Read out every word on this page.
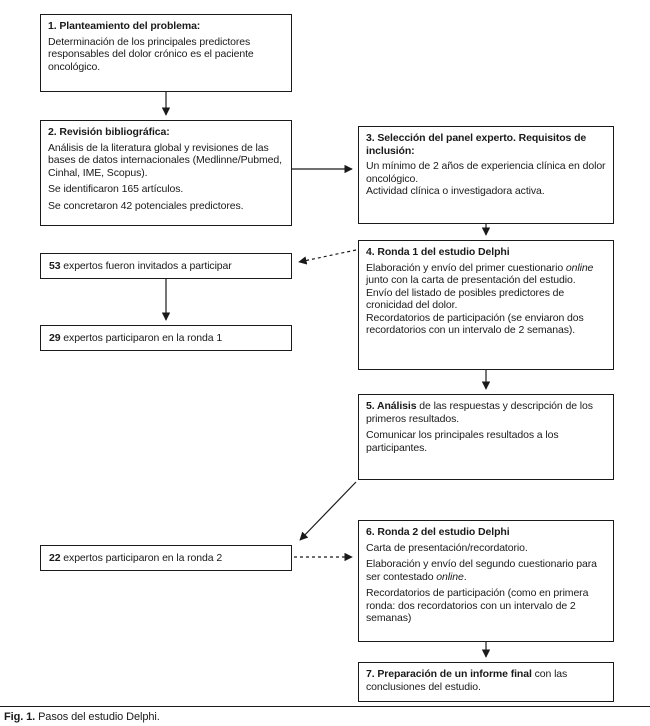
1. Planteamiento del problema:
Determinación de los principales predictores responsables del dolor crónico es el paciente oncológico.
2. Revisión bibliográfica:
Análisis de la literatura global y revisiones de las bases de datos internacionales (Medlinne/Pubmed, Cinhal, IME, Scopus).
Se identificaron 165 artículos.
Se concretaron 42 potenciales predictores.
3. Selección del panel experto. Requisitos de inclusión:
Un mínimo de 2 años de experiencia clínica en dolor oncológico.
Actividad clínica o investigadora activa.
53 expertos fueron invitados a participar
29 expertos participaron en la ronda 1
4. Ronda 1 del estudio Delphi
Elaboración y envío del primer cuestionario online junto con la carta de presentación del estudio.
Envío del listado de posibles predictores de cronicidad del dolor.
Recordatorios de participación (se enviaron dos recordatorios con un intervalo de 2 semanas).
5. Análisis de las respuestas y descripción de los primeros resultados.
Comunicar los principales resultados a los participantes.
22 expertos participaron en la ronda 2
6. Ronda 2 del estudio Delphi
Carta de presentación/recordatorio.
Elaboración y envío del segundo cuestionario para ser contestado online.
Recordatorios de participación (como en primera ronda: dos recordatorios con un intervalo de 2 semanas)
7. Preparación de un informe final con las conclusiones del estudio.
Fig. 1. Pasos del estudio Delphi.
